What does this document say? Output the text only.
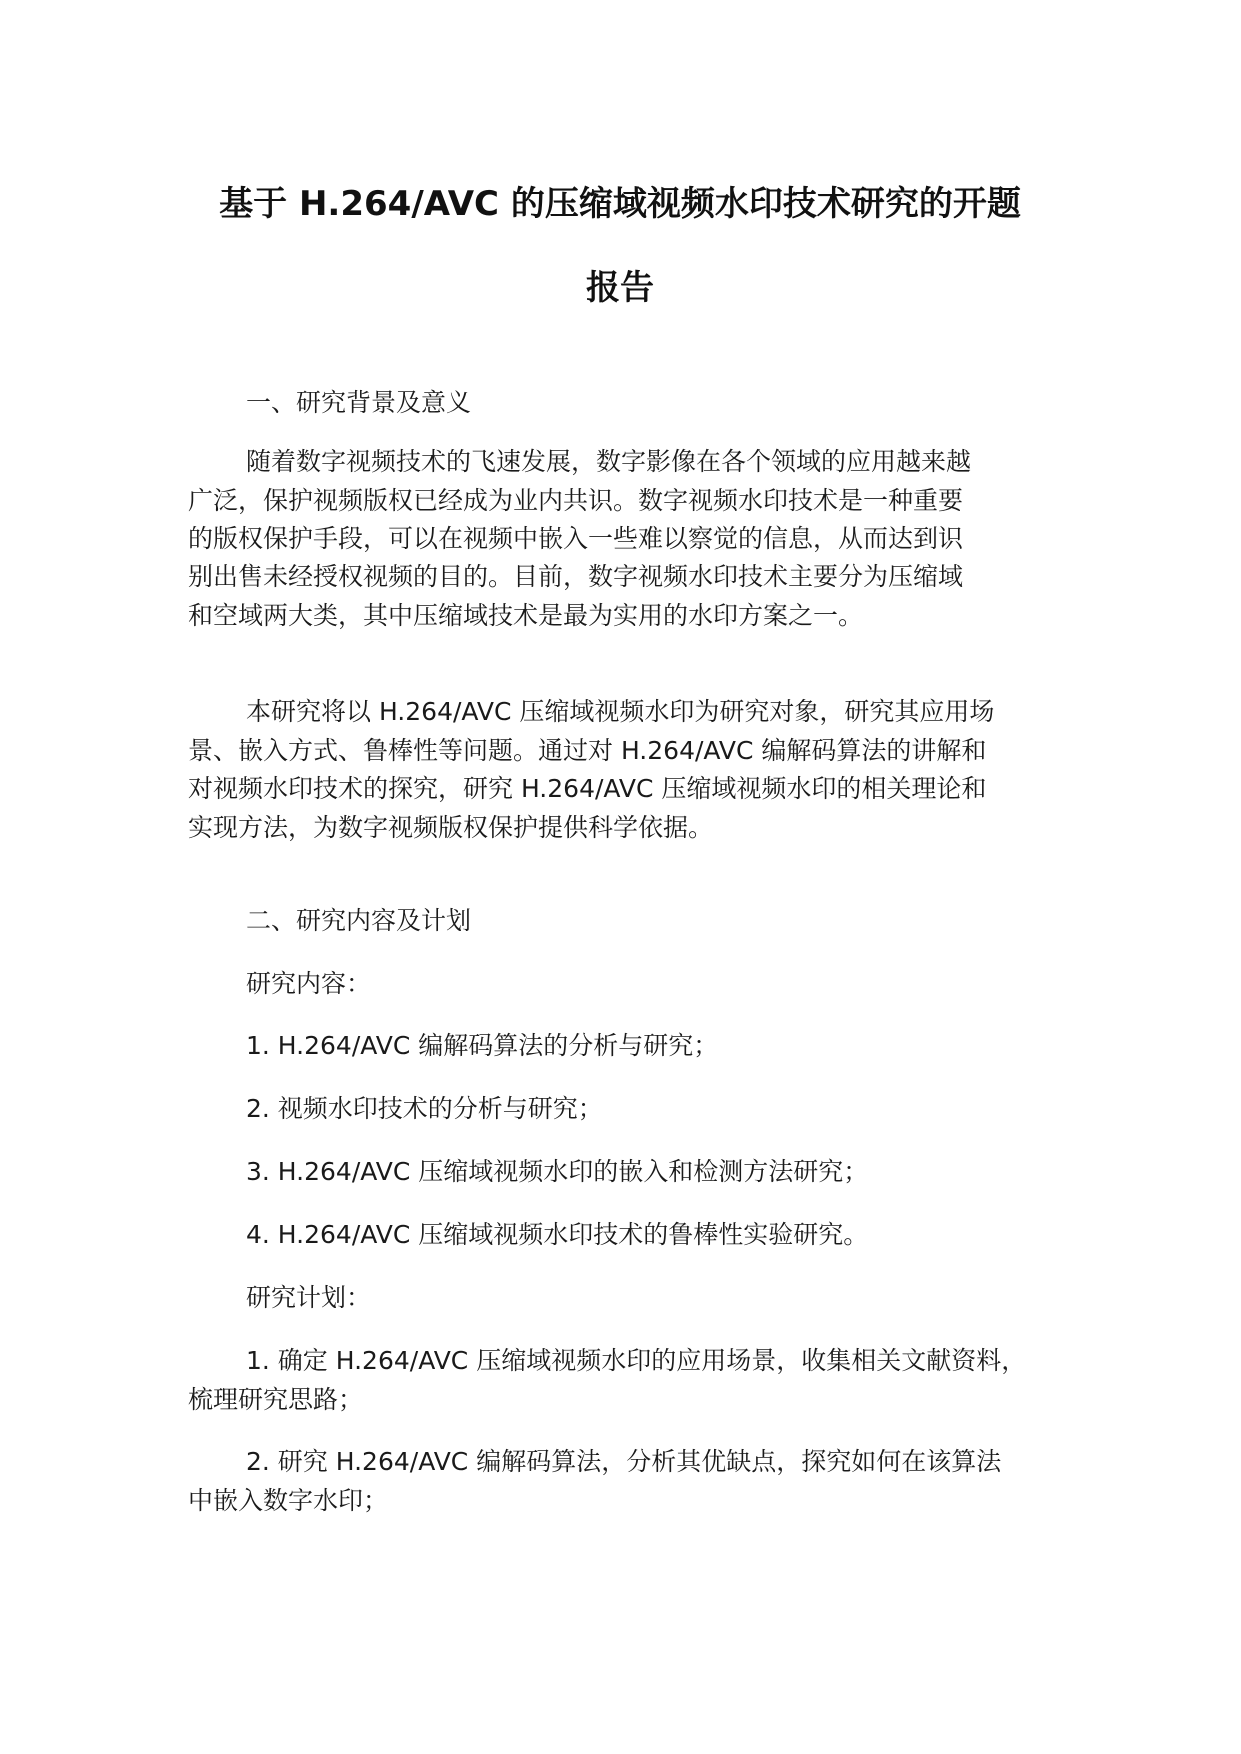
基于 H.264/AVC 的压缩域视频水印技术研究的开题
报告

一、研究背景及意义

随着数字视频技术的飞速发展，数字影像在各个领域的应用越来越

广泛，保护视频版权已经成为业内共识。数字视频水印技术是一种重要

的版权保护手段，可以在视频中嵌入一些难以察觉的信息，从而达到识

别出售未经授权视频的目的。目前，数字视频水印技术主要分为压缩域

和空域两大类，其中压缩域技术是最为实用的水印方案之一。

本研究将以 H.264/AVC 压缩域视频水印为研究对象，研究其应用场

景、嵌入方式、鲁棒性等问题。通过对 H.264/AVC 编解码算法的讲解和

对视频水印技术的探究，研究 H.264/AVC 压缩域视频水印的相关理论和

实现方法，为数字视频版权保护提供科学依据。

二、研究内容及计划

研究内容：

1. H.264/AVC 编解码算法的分析与研究；

2. 视频水印技术的分析与研究；

3. H.264/AVC 压缩域视频水印的嵌入和检测方法研究；

4. H.264/AVC 压缩域视频水印技术的鲁棒性实验研究。

研究计划：

1. 确定 H.264/AVC 压缩域视频水印的应用场景，收集相关文献资料，

梳理研究思路；

2. 研究 H.264/AVC 编解码算法，分析其优缺点，探究如何在该算法

中嵌入数字水印；
